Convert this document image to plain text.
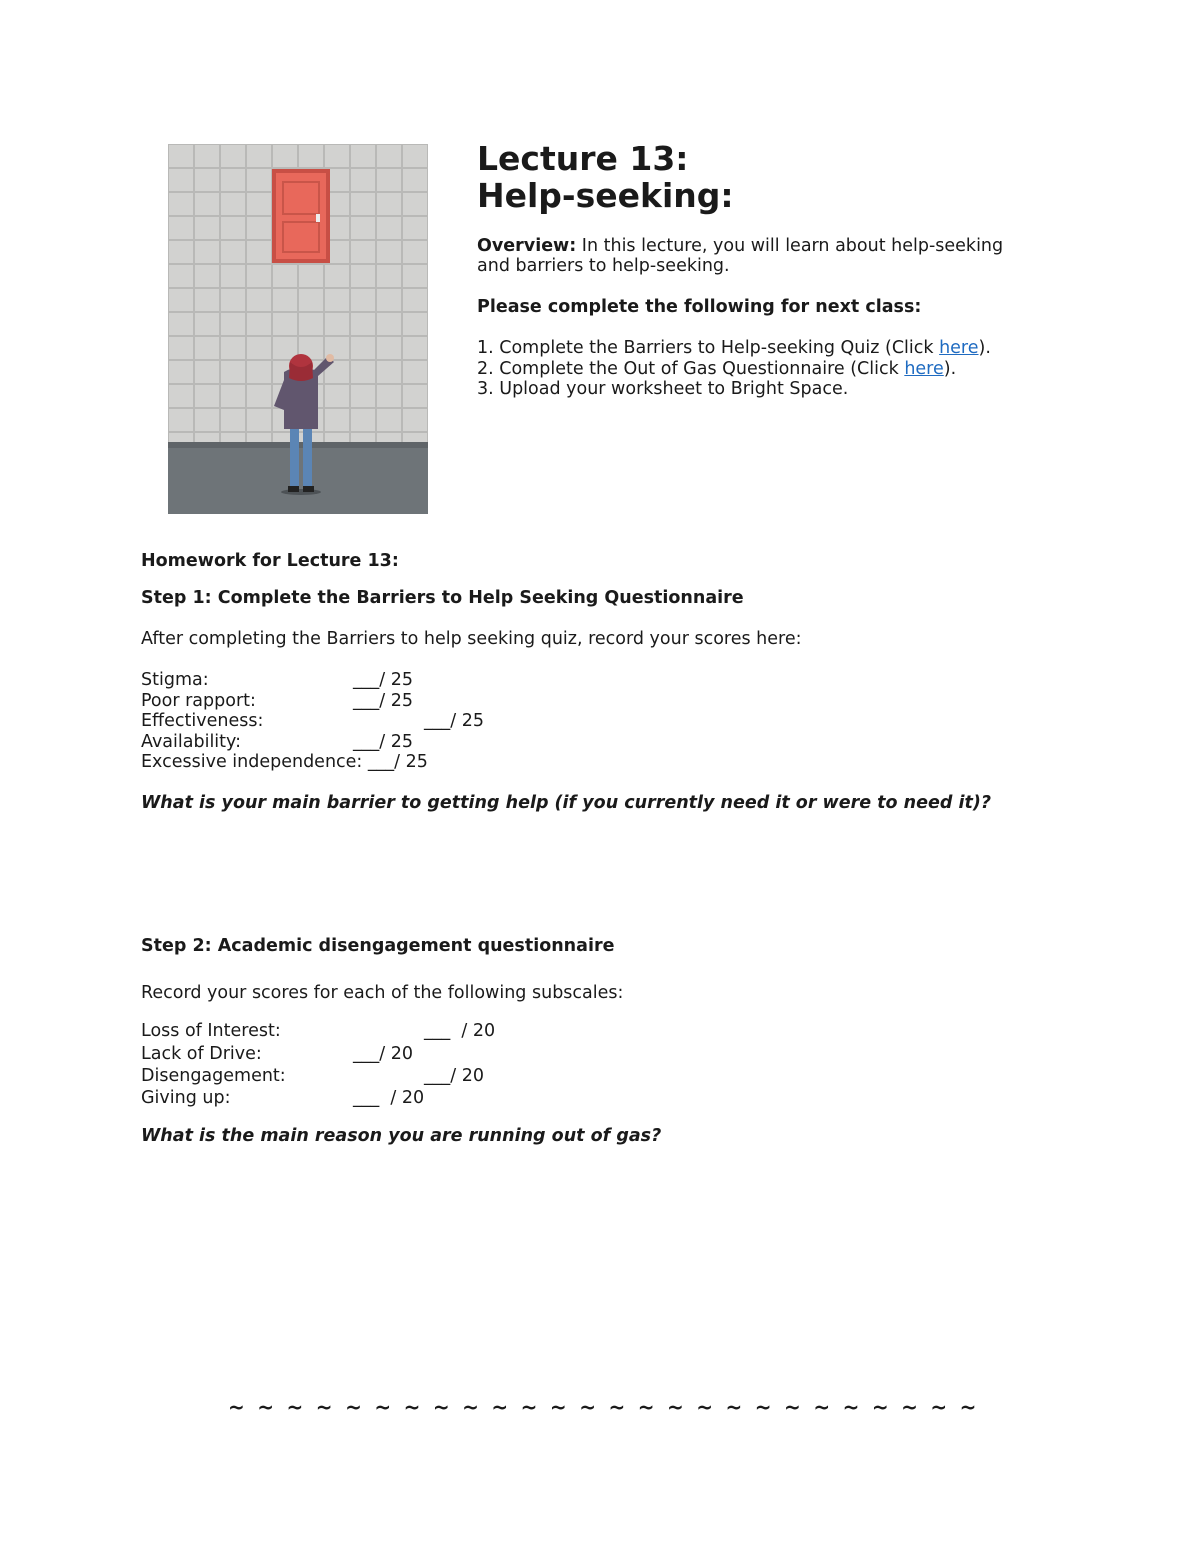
Lecture 13:
Help-seeking:
Overview: In this lecture, you will learn about help-seeking and barriers to help-seeking.
Please complete the following for next class:
1. Complete the Barriers to Help-seeking Quiz (Click here).
2. Complete the Out of Gas Questionnaire (Click here).
3. Upload your worksheet to Bright Space.
Homework for Lecture 13:
Step 1: Complete the Barriers to Help Seeking Questionnaire
After completing the Barriers to help seeking quiz, record your scores here:
Stigma:	___/ 25
Poor rapport:	___/ 25
Effectiveness:	___/ 25
Availability:	___/ 25
Excessive independence: ___/ 25
What is your main barrier to getting help (if you currently need it or were to need it)?
Step 2: Academic disengagement questionnaire
Record your scores for each of the following subscales:
Loss of Interest:	___  / 20
Lack of Drive:	___/ 20
Disengagement:	___/ 20
Giving up:	___  / 20
What is the main reason you are running out of gas?
~ ~ ~ ~ ~ ~ ~ ~ ~ ~ ~ ~ ~ ~ ~ ~ ~ ~ ~ ~ ~ ~ ~ ~ ~ ~
